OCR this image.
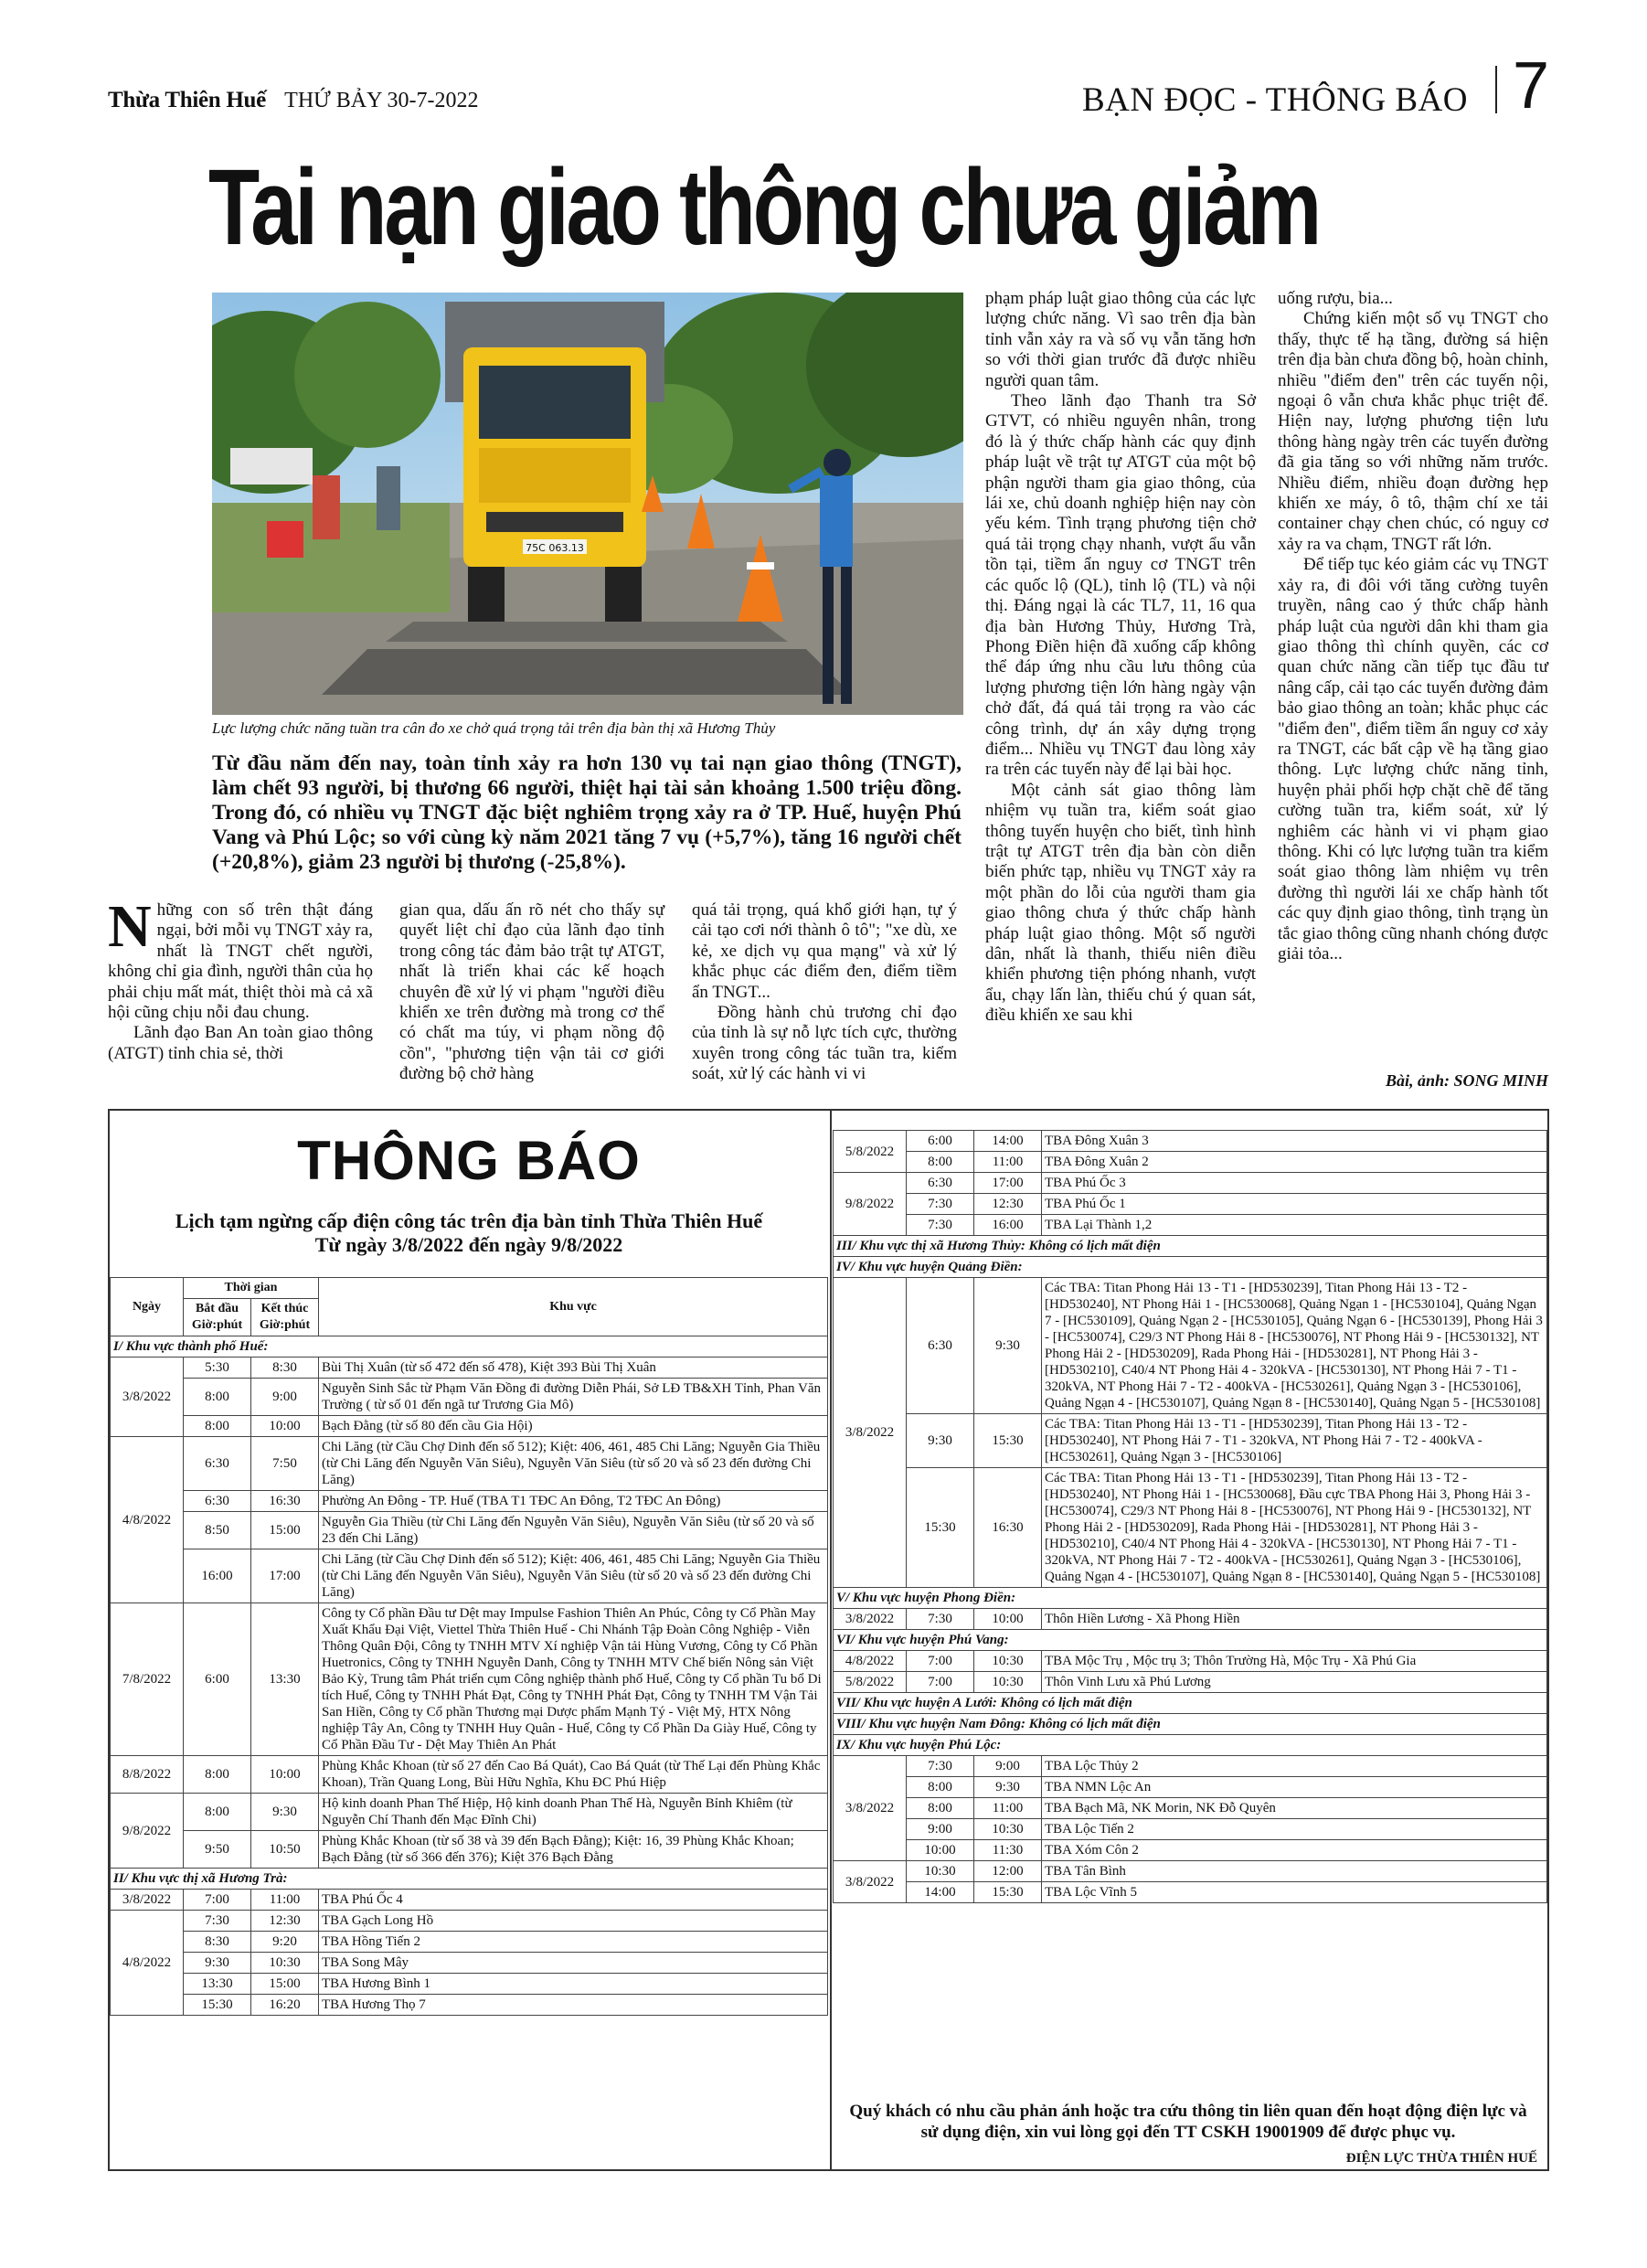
Thừa Thiên Huế THỨ BẢY 30-7-2022	BẠN ĐỌC - THÔNG BÁO 7
Tai nạn giao thông chưa giảm
75C 063.13
Lực lượng chức năng tuần tra cân đo xe chở quá trọng tải trên địa bàn thị xã Hương Thủy
Từ đầu năm đến nay, toàn tỉnh xảy ra hơn 130 vụ tai nạn giao thông (TNGT), làm chết 93 người, bị thương 66 người, thiệt hại tài sản khoảng 1.500 triệu đồng. Trong đó, có nhiều vụ TNGT đặc biệt nghiêm trọng xảy ra ở TP. Huế, huyện Phú Vang và Phú Lộc; so với cùng kỳ năm 2021 tăng 7 vụ (+5,7%), tăng 16 người chết (+20,8%), giảm 23 người bị thương (-25,8%).

Những con số trên thật đáng ngại, bởi mỗi vụ TNGT xảy ra, nhất là TNGT chết người, không chỉ gia đình, người thân của họ phải chịu mất mát, thiệt thòi mà cả xã hội cũng chịu nỗi đau chung.

Lãnh đạo Ban An toàn giao thông (ATGT) tỉnh chia sẻ, thời

gian qua, dấu ấn rõ nét cho thấy sự quyết liệt chỉ đạo của lãnh đạo tỉnh trong công tác đảm bảo trật tự ATGT, nhất là triển khai các kế hoạch chuyên đề xử lý vi phạm "người điều khiển xe trên đường mà trong cơ thể có chất ma túy, vi phạm nồng độ cồn", "phương tiện vận tải cơ giới đường bộ chở hàng

quá tải trọng, quá khổ giới hạn, tự ý cải tạo cơi nới thành ô tô"; "xe dù, xe kẻ, xe dịch vụ qua mạng" và xử lý khắc phục các điểm đen, điểm tiềm ẩn TNGT...

Đồng hành chủ trương chỉ đạo của tỉnh là sự nỗ lực tích cực, thường xuyên trong công tác tuần tra, kiểm soát, xử lý các hành vi vi

phạm pháp luật giao thông của các lực lượng chức năng. Vì sao trên địa bàn tỉnh vẫn xảy ra và số vụ vẫn tăng hơn so với thời gian trước đã được nhiều người quan tâm.

Theo lãnh đạo Thanh tra Sở GTVT, có nhiều nguyên nhân, trong đó là ý thức chấp hành các quy định pháp luật về trật tự ATGT của một bộ phận người tham gia giao thông, của lái xe, chủ doanh nghiệp hiện nay còn yếu kém. Tình trạng phương tiện chở quá tải trọng chạy nhanh, vượt ẩu vẫn tồn tại, tiềm ẩn nguy cơ TNGT trên các quốc lộ (QL), tỉnh lộ (TL) và nội thị. Đáng ngại là các TL7, 11, 16 qua địa bàn Hương Thủy, Hương Trà, Phong Điền hiện đã xuống cấp không thể đáp ứng nhu cầu lưu thông của lượng phương tiện lớn hàng ngày vận chở đất, đá quá tải trọng ra vào các công trình, dự án xây dựng trọng điểm... Nhiều vụ TNGT đau lòng xảy ra trên các tuyến này để lại bài học.

Một cảnh sát giao thông làm nhiệm vụ tuần tra, kiểm soát giao thông tuyến huyện cho biết, tình hình trật tự ATGT trên địa bàn còn diễn biến phức tạp, nhiều vụ TNGT xảy ra một phần do lỗi của người tham gia giao thông chưa ý thức chấp hành pháp luật giao thông. Một số người dân, nhất là thanh, thiếu niên điều khiển phương tiện phóng nhanh, vượt ẩu, chạy lấn làn, thiếu chú ý quan sát, điều khiển xe sau khi

uống rượu, bia...

Chứng kiến một số vụ TNGT cho thấy, thực tế hạ tầng, đường sá hiện trên địa bàn chưa đồng bộ, hoàn chỉnh, nhiều "điểm đen" trên các tuyến nội, ngoại ô vẫn chưa khắc phục triệt để. Hiện nay, lượng phương tiện lưu thông hàng ngày trên các tuyến đường đã gia tăng so với những năm trước. Nhiều điểm, nhiều đoạn đường hẹp khiến xe máy, ô tô, thậm chí xe tải container chạy chen chúc, có nguy cơ xảy ra va chạm, TNGT rất lớn.

Để tiếp tục kéo giảm các vụ TNGT xảy ra, đi đôi với tăng cường tuyên truyền, nâng cao ý thức chấp hành pháp luật của người dân khi tham gia giao thông thì chính quyền, các cơ quan chức năng cần tiếp tục đầu tư nâng cấp, cải tạo các tuyến đường đảm bảo giao thông an toàn; khắc phục các "điểm đen", điểm tiềm ẩn nguy cơ xảy ra TNGT, các bất cập về hạ tầng giao thông. Lực lượng chức năng tỉnh, huyện phải phối hợp chặt chẽ để tăng cường tuần tra, kiểm soát, xử lý nghiêm các hành vi vi phạm giao thông. Khi có lực lượng tuần tra kiểm soát giao thông làm nhiệm vụ trên đường thì người lái xe chấp hành tốt các quy định giao thông, tình trạng ùn tắc giao thông cũng nhanh chóng được giải tỏa...

Bài, ảnh: SONG MINH
THÔNG BÁO
Lịch tạm ngừng cấp điện công tác trên địa bàn tỉnh Thừa Thiên Huế
Từ ngày 3/8/2022 đến ngày 9/8/2022
Ngày	Thời gian		Khu vực
	Bắt đầu Giờ:phút	Kết thúc Giờ:phút	
I/ Khu vực thành phố Huế:			
3/8/2022	5:30	8:30	Bùi Thị Xuân (từ số 472 đến số 478), Kiệt 393 Bùi Thị Xuân
	8:00	9:00	Nguyễn Sinh Sắc từ Phạm Văn Đồng đi đường Diễn Phái, Sở LĐ TB&XH Tỉnh, Phan Văn Trường ( từ số 01 đến ngã tư Trương Gia Mô)
	8:00	10:00	Bạch Đằng (từ số 80 đến cầu Gia Hội)
4/8/2022	6:30	7:50	Chi Lăng (từ Cầu Chợ Dinh đến số 512); Kiệt: 406, 461, 485 Chi Lăng; Nguyễn Gia Thiều (từ Chi Lăng đến Nguyễn Văn Siêu), Nguyễn Văn Siêu (từ số 20 và số 23 đến đường Chi Lăng)
	6:30	16:30	Phường An Đông - TP. Huế (TBA T1 TĐC An Đông, T2 TĐC An Đông)
	8:50	15:00	Nguyễn Gia Thiều (từ Chi Lăng đến Nguyễn Văn Siêu), Nguyễn Văn Siêu (từ số 20 và số 23 đến Chi Lăng)
	16:00	17:00	Chi Lăng (từ Cầu Chợ Dinh đến số 512); Kiệt: 406, 461, 485 Chi Lăng; Nguyễn Gia Thiều (từ Chi Lăng đến Nguyễn Văn Siêu), Nguyễn Văn Siêu (từ số 20 và số 23 đến đường Chi Lăng)
7/8/2022	6:00	13:30	Công ty Cổ phần Đầu tư Dệt may Impulse Fashion Thiên An Phúc, Công ty Cổ Phần May Xuất Khẩu Đại Việt, Viettel Thừa Thiên Huế - Chi Nhánh Tập Đoàn Công Nghiệp - Viễn Thông Quân Đội, Công ty TNHH MTV Xí nghiệp Vận tải Hùng Vương, Công ty Cổ Phần Huetronics, Công ty TNHH Nguyễn Danh, Công ty TNHH MTV Chế biến Nông sản Việt Bảo Kỳ, Trung tâm Phát triển cụm Công nghiệp thành phố Huế, Công ty Cổ phần Tu bổ Di tích Huế, Công ty TNHH Phát Đạt, Công ty TNHH Phát Đạt, Công ty TNHH TM Vận Tải San Hiền, Công ty Cổ phần Thương mại Dược phẩm Mạnh Tý - Việt Mỹ, HTX Nông nghiệp Tây An, Công ty TNHH Huy Quân - Huế, Công ty Cổ Phần Da Giày Huế, Công ty Cổ Phần Đầu Tư - Dệt May Thiên An Phát
8/8/2022	8:00	10:00	Phùng Khắc Khoan (từ số 27 đến Cao Bá Quát), Cao Bá Quát (từ Thế Lại đến Phùng Khắc Khoan), Trần Quang Long, Bùi Hữu Nghĩa, Khu ĐC Phú Hiệp
9/8/2022	8:00	9:30	Hộ kinh doanh Phan Thế Hiệp, Hộ kinh doanh Phan Thế Hà, Nguyễn Bỉnh Khiêm (từ Nguyễn Chí Thanh đến Mạc Đĩnh Chi)
	9:50	10:50	Phùng Khắc Khoan (từ số 38 và 39 đến Bạch Đằng); Kiệt: 16, 39 Phùng Khắc Khoan; Bạch Đằng (từ số 366 đến 376); Kiệt 376 Bạch Đằng
II/ Khu vực thị xã Hương Trà:			
3/8/2022	7:00	11:00	TBA Phú Ốc 4
4/8/2022	7:30	12:30	TBA Gạch Long Hồ
	8:30	9:20	TBA Hồng Tiến 2
	9:30	10:30	TBA Song Mây
	13:30	15:00	TBA Hương Bình 1
	15:30	16:20	TBA Hương Thọ 7
5/8/2022	6:00	14:00	TBA Đông Xuân 3
	8:00	11:00	TBA Đông Xuân 2
9/8/2022	6:30	17:00	TBA Phú Ốc 3
	7:30	12:30	TBA Phú Ốc 1
	7:30	16:00	TBA Lại Thành 1,2
III/ Khu vực thị xã Hương Thủy: Không có lịch mất điện			
IV/ Khu vực huyện Quảng Điền:			
3/8/2022	6:30	9:30	Các TBA: Titan Phong Hải 13 - T1 - [HD530239], Titan Phong Hải 13 - T2 - [HD530240], NT Phong Hải 1 - [HC530068], Quảng Ngạn 1 - [HC530104], Quảng Ngạn 7 - [HC530109], Quảng Ngạn 2 - [HC530105], Quảng Ngạn 6 - [HC530139], Phong Hải 3 - [HC530074], C29/3 NT Phong Hải 8 - [HC530076], NT Phong Hải 9 - [HC530132], NT Phong Hải 2 - [HD530209], Rada Phong Hải - [HD530281], NT Phong Hải 3 - [HD530210], C40/4 NT Phong Hải 4 - 320kVA - [HC530130], NT Phong Hải 7 - T1 - 320kVA, NT Phong Hải 7 - T2 - 400kVA - [HC530261], Quảng Ngạn 3 - [HC530106], Quảng Ngạn 4 - [HC530107], Quảng Ngạn 8 - [HC530140], Quảng Ngạn 5 - [HC530108]
	9:30	15:30	Các TBA: Titan Phong Hải 13 - T1 - [HD530239], Titan Phong Hải 13 - T2 - [HD530240], NT Phong Hải 7 - T1 - 320kVA, NT Phong Hải 7 - T2 - 400kVA - [HC530261], Quảng Ngạn 3 - [HC530106]
	15:30	16:30	Các TBA: Titan Phong Hải 13 - T1 - [HD530239], Titan Phong Hải 13 - T2 - [HD530240], NT Phong Hải 1 - [HC530068], Đầu cực TBA Phong Hải 3, Phong Hải 3 - [HC530074], C29/3 NT Phong Hải 8 - [HC530076], NT Phong Hải 9 - [HC530132], NT Phong Hải 2 - [HD530209], Rada Phong Hải - [HD530281], NT Phong Hải 3 - [HD530210], C40/4 NT Phong Hải 4 - 320kVA - [HC530130], NT Phong Hải 7 - T1 - 320kVA, NT Phong Hải 7 - T2 - 400kVA - [HC530261], Quảng Ngạn 3 - [HC530106], Quảng Ngạn 4 - [HC530107], Quảng Ngạn 8 - [HC530140], Quảng Ngạn 5 - [HC530108]
V/ Khu vực huyện Phong Điền:			
3/8/2022	7:30	10:00	Thôn Hiền Lương - Xã Phong Hiền
VI/ Khu vực huyện Phú Vang:			
4/8/2022	7:00	10:30	TBA Mộc Trụ , Mộc trụ 3; Thôn Trường Hà, Mộc Trụ - Xã Phú Gia
5/8/2022	7:00	10:30	Thôn Vinh Lưu xã Phú Lương
VII/ Khu vực huyện A Lưới: Không có lịch mất điện			
VIII/ Khu vực huyện Nam Đông: Không có lịch mất điện			
IX/ Khu vực huyện Phú Lộc:			
3/8/2022	7:30	9:00	TBA Lộc Thủy 2
	8:00	9:30	TBA NMN Lộc An
	8:00	11:00	TBA Bạch Mã, NK Morin, NK Đỗ Quyên
	9:00	10:30	TBA Lộc Tiến 2
	10:00	11:30	TBA Xóm Côn 2
3/8/2022	10:30	12:00	TBA Tân Bình
	14:00	15:30	TBA Lộc Vĩnh 5
Quý khách có nhu cầu phản ánh hoặc tra cứu thông tin liên quan đến hoạt động điện lực và sử dụng điện, xin vui lòng gọi đến TT CSKH 19001909 để được phục vụ.
ĐIỆN LỰC THỪA THIÊN HUẾ
